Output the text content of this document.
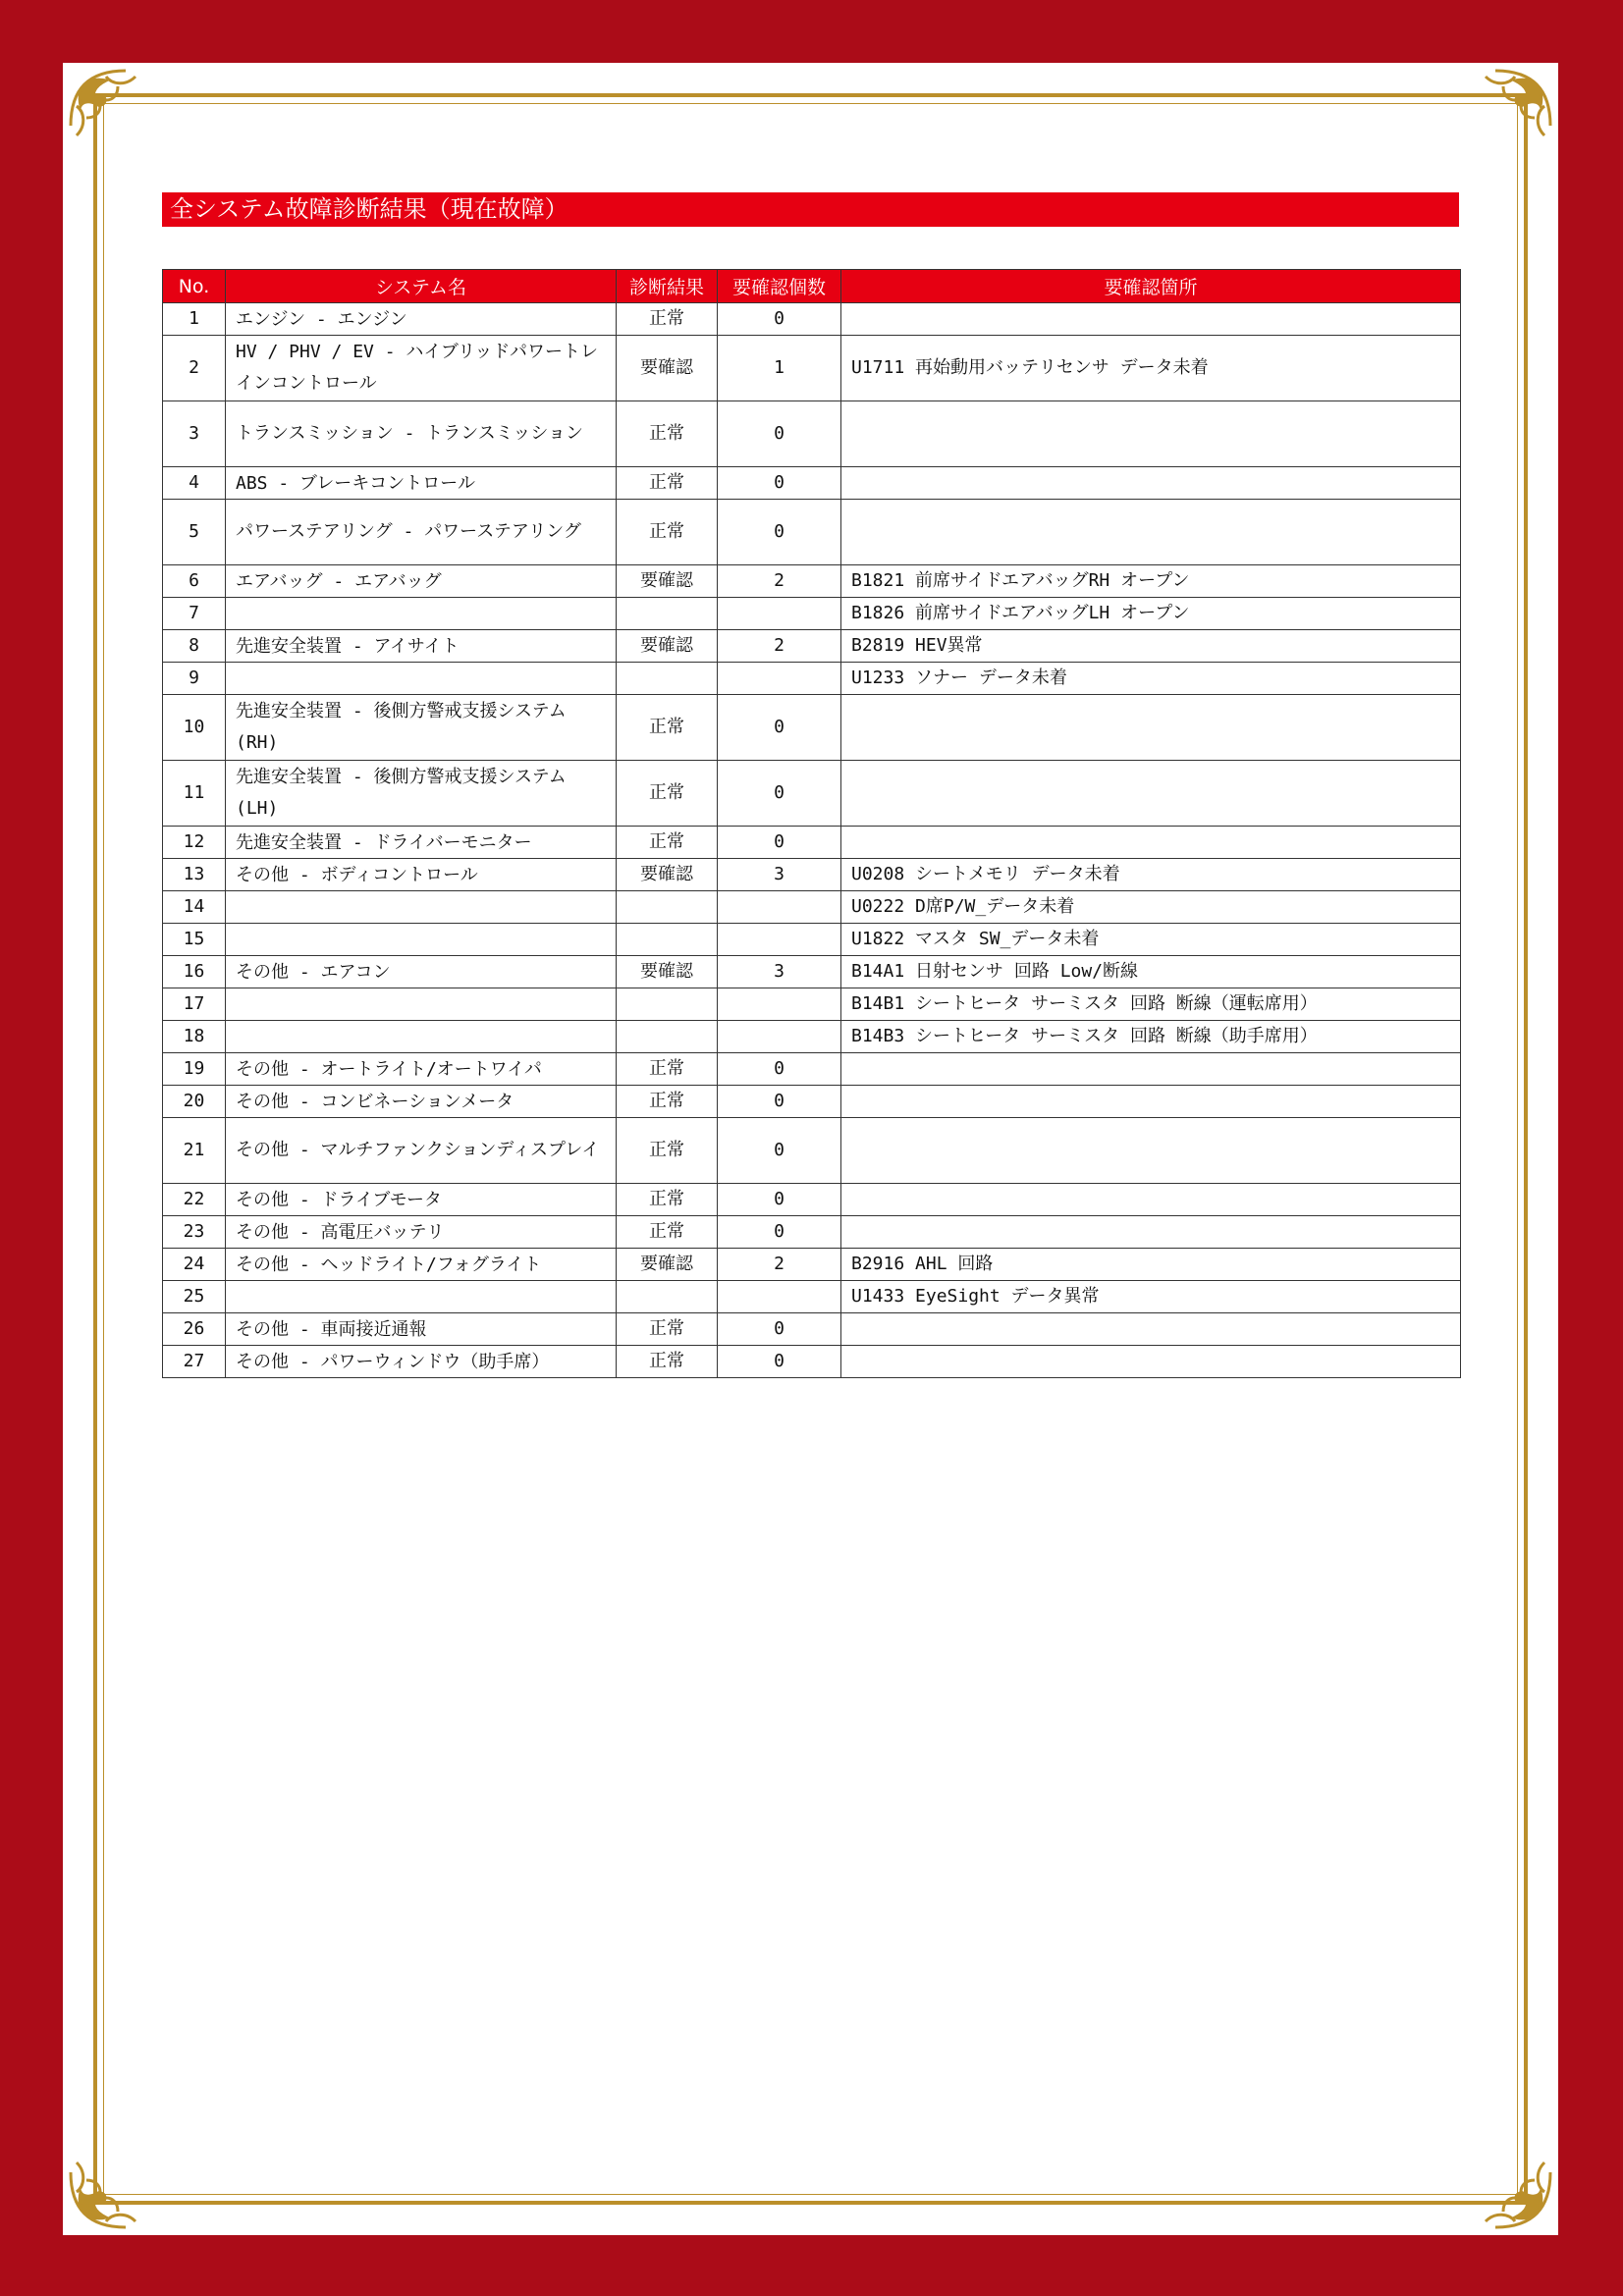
全システム故障診断結果（現在故障）
No.	システム名	診断結果	要確認個数	要確認箇所
1	エンジン - エンジン	正常	0	
2	HV / PHV / EV - ハイブリッドパワートレインコントロール	要確認	1	U1711 再始動用バッテリセンサ データ未着
3	トランスミッション - トランスミッション	正常	0	
4	ABS - ブレーキコントロール	正常	0	
5	パワーステアリング - パワーステアリング	正常	0	
6	エアバッグ - エアバッグ	要確認	2	B1821 前席サイドエアバッグRH オープン
7				B1826 前席サイドエアバッグLH オープン
8	先進安全装置 - アイサイト	要確認	2	B2819 HEV異常
9				U1233 ソナー データ未着
10	先進安全装置 - 後側方警戒支援システム(RH)	正常	0	
11	先進安全装置 - 後側方警戒支援システム(LH)	正常	0	
12	先進安全装置 - ドライバーモニター	正常	0	
13	その他 - ボディコントロール	要確認	3	U0208 シートメモリ データ未着
14				U0222 D席P/W_データ未着
15				U1822 マスタ SW_データ未着
16	その他 - エアコン	要確認	3	B14A1 日射センサ 回路 Low/断線
17				B14B1 シートヒータ サーミスタ 回路 断線（運転席用）
18				B14B3 シートヒータ サーミスタ 回路 断線（助手席用）
19	その他 - オートライト/オートワイパ	正常	0	
20	その他 - コンビネーションメータ	正常	0	
21	その他 - マルチファンクションディスプレイ	正常	0	
22	その他 - ドライブモータ	正常	0	
23	その他 - 高電圧バッテリ	正常	0	
24	その他 - ヘッドライト/フォグライト	要確認	2	B2916 AHL 回路
25				U1433 EyeSight データ異常
26	その他 - 車両接近通報	正常	0	
27	その他 - パワーウィンドウ（助手席）	正常	0	
